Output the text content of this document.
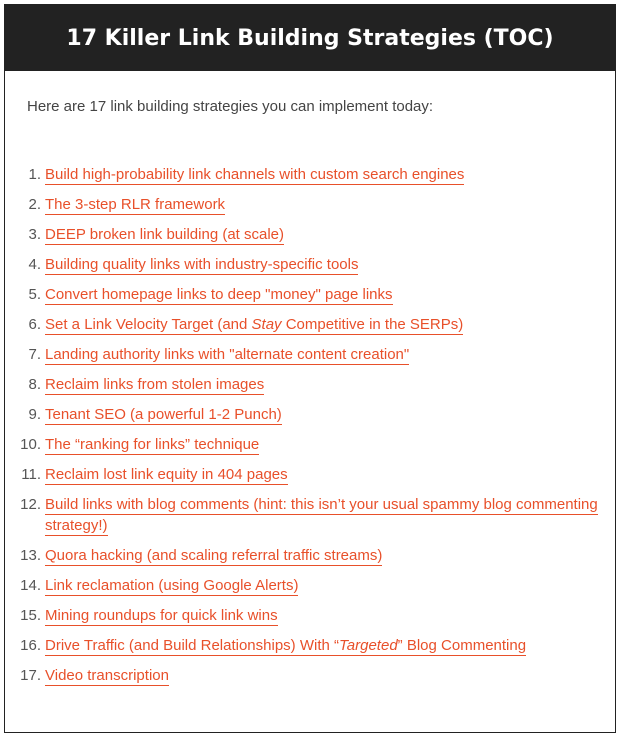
17 Killer Link Building Strategies (TOC)
Here are 17 link building strategies you can implement today:
1. Build high-probability link channels with custom search engines
2. The 3-step RLR framework
3. DEEP broken link building (at scale)
4. Building quality links with industry-specific tools
5. Convert homepage links to deep "money" page links
6. Set a Link Velocity Target (and Stay Competitive in the SERPs)
7. Landing authority links with "alternate content creation"
8. Reclaim links from stolen images
9. Tenant SEO (a powerful 1-2 Punch)
10. The “ranking for links” technique
11. Reclaim lost link equity in 404 pages
12. Build links with blog comments (hint: this isn’t your usual spammy blog commenting strategy!)
13. Quora hacking (and scaling referral traffic streams)
14. Link reclamation (using Google Alerts)
15. Mining roundups for quick link wins
16. Drive Traffic (and Build Relationships) With “Targeted” Blog Commenting
17. Video transcription
